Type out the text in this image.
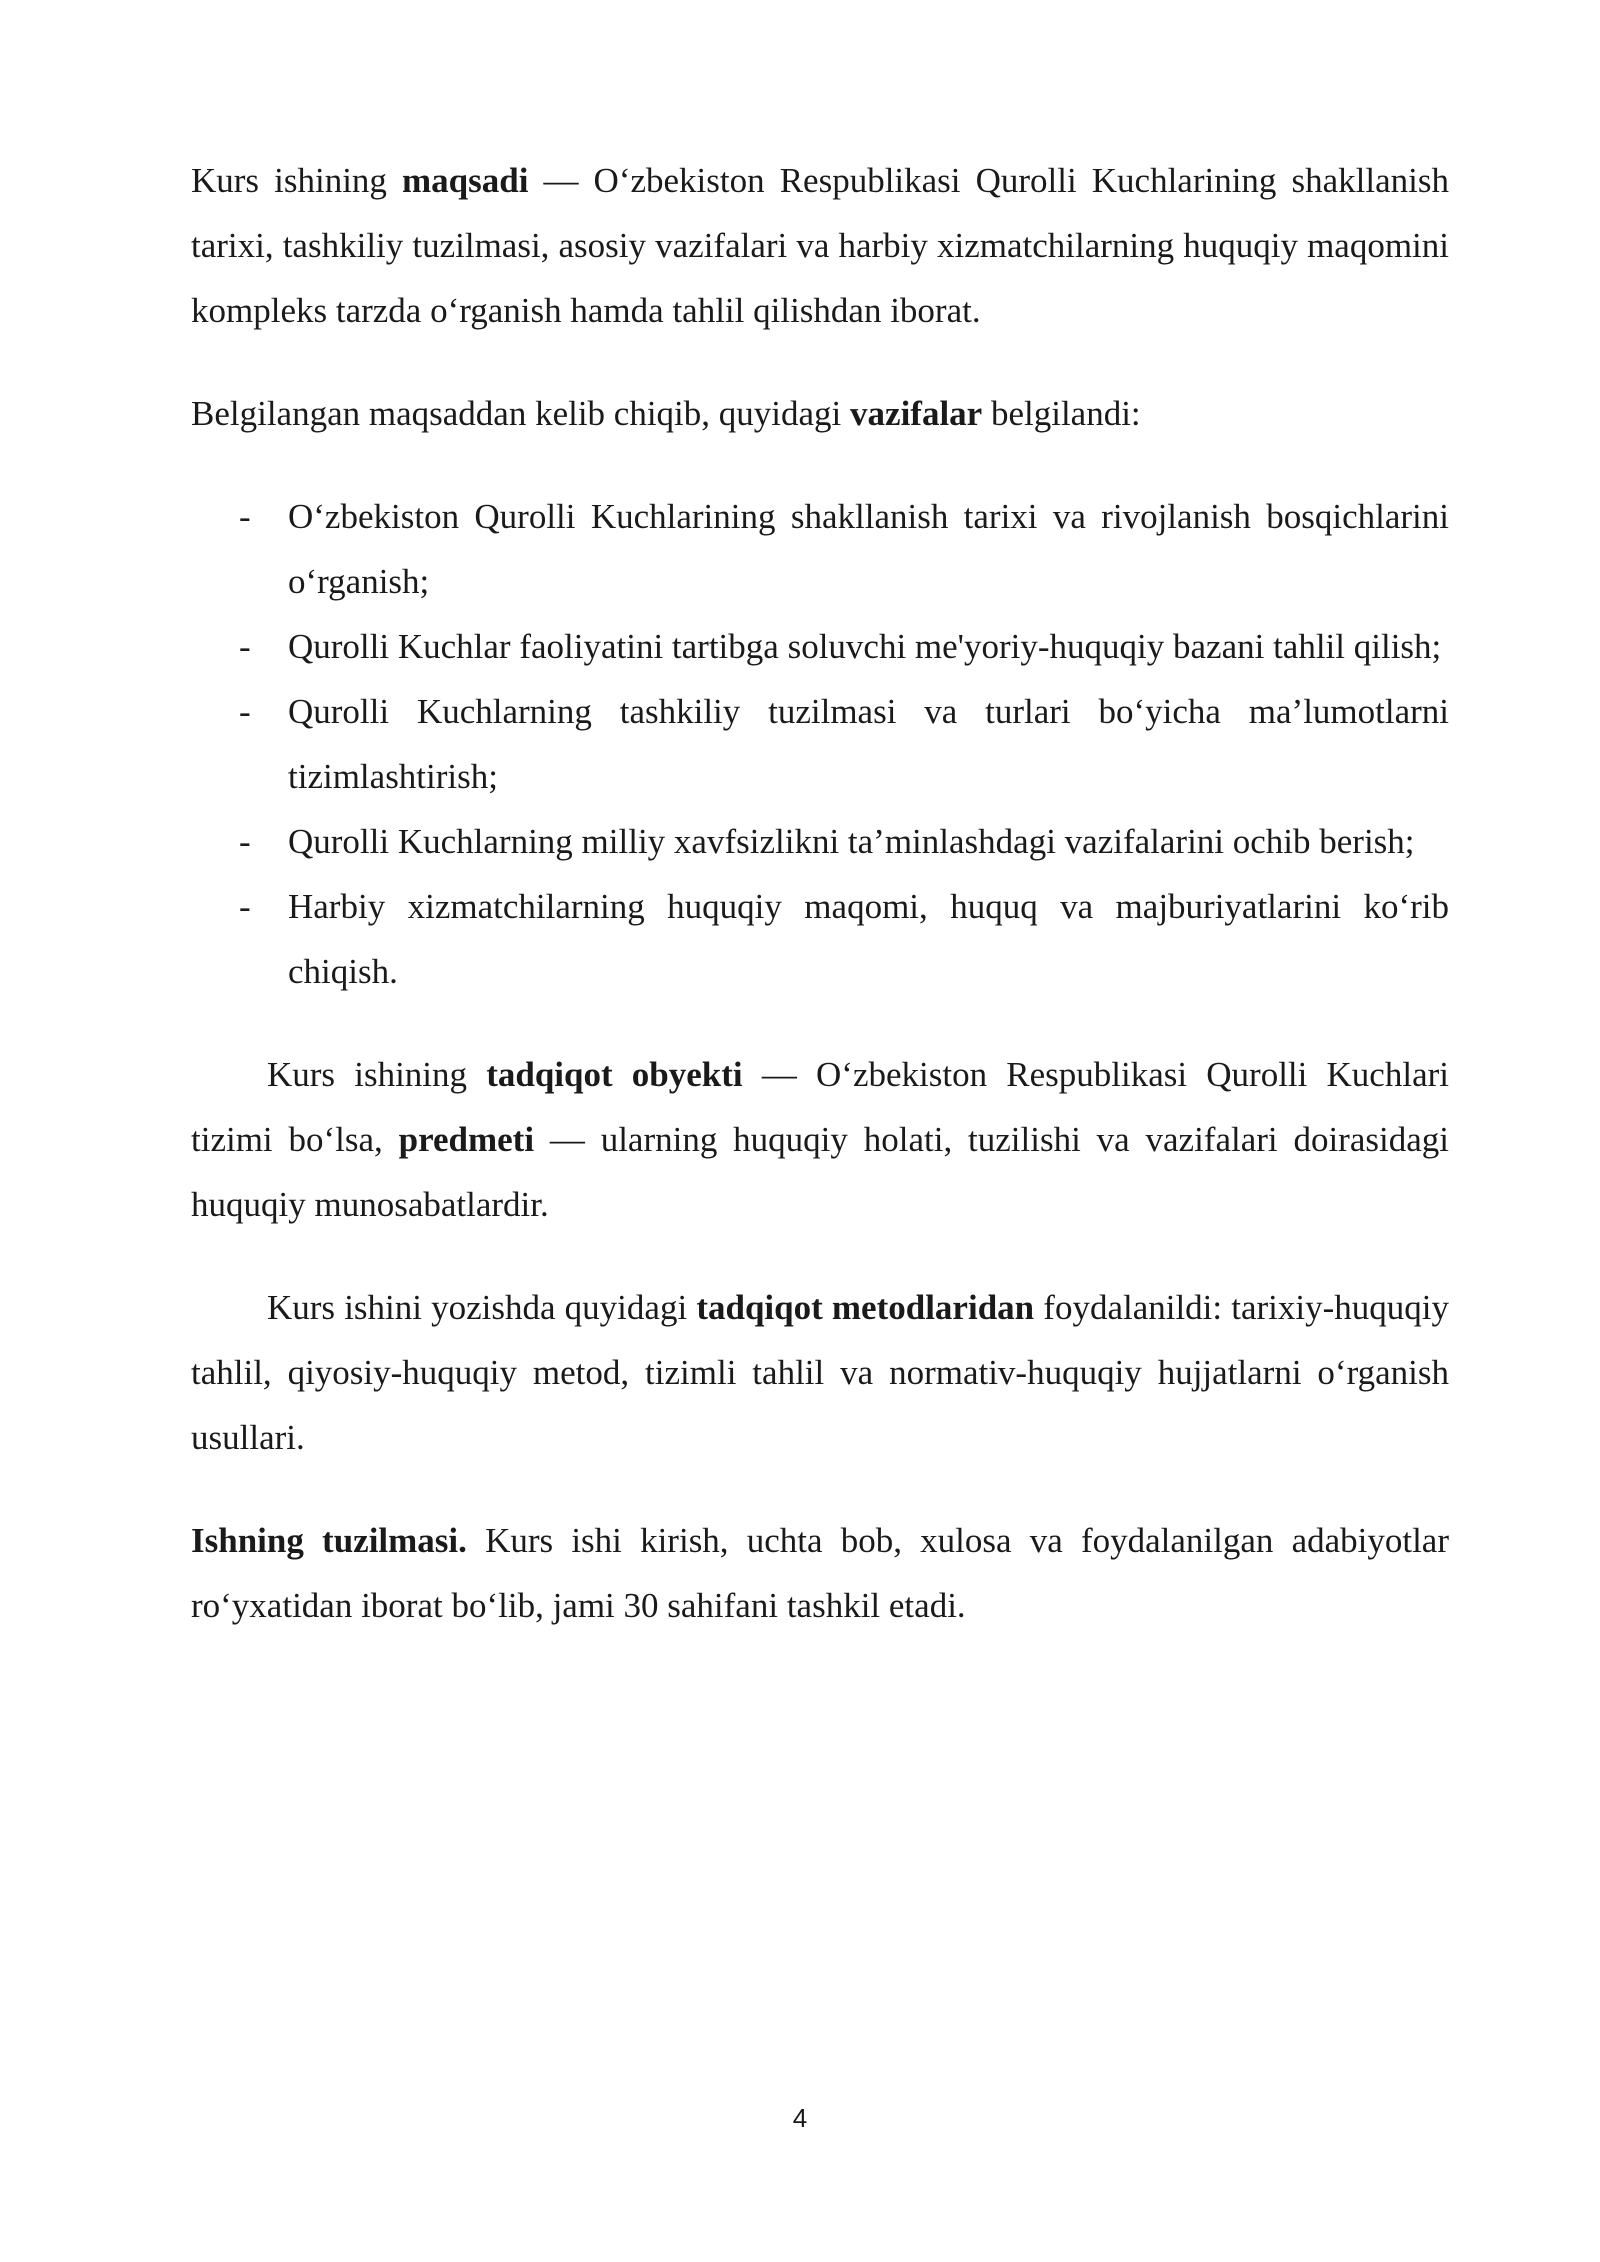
Kurs ishining maqsadi — O‘zbekiston Respublikasi Qurolli Kuchlarining shakllanish tarixi, tashkiliy tuzilmasi, asosiy vazifalari va harbiy xizmatchilarning huquqiy maqomini kompleks tarzda o‘rganish hamda tahlil qilishdan iborat.

Belgilangan maqsaddan kelib chiqib, quyidagi vazifalar belgilandi:

- O‘zbekiston Qurolli Kuchlarining shakllanish tarixi va rivojlanish bosqichlarini o‘rganish;
- Qurolli Kuchlar faoliyatini tartibga soluvchi me'yoriy-huquqiy bazani tahlil qilish;
- Qurolli Kuchlarning tashkiliy tuzilmasi va turlari bo‘yicha ma’lumotlarni tizimlashtirish;
- Qurolli Kuchlarning milliy xavfsizlikni ta’minlashdagi vazifalarini ochib berish;
- Harbiy xizmatchilarning huquqiy maqomi, huquq va majburiyatlarini ko‘rib chiqish.

Kurs ishining tadqiqot obyekti — O‘zbekiston Respublikasi Qurolli Kuchlari tizimi bo‘lsa, predmeti — ularning huquqiy holati, tuzilishi va vazifalari doirasidagi huquqiy munosabatlardir.

Kurs ishini yozishda quyidagi tadqiqot metodlaridan foydalanildi: tarixiy-huquqiy tahlil, qiyosiy-huquqiy metod, tizimli tahlil va normativ-huquqiy hujjatlarni o‘rganish usullari.

Ishning tuzilmasi. Kurs ishi kirish, uchta bob, xulosa va foydalanilgan adabiyotlar ro‘yxatidan iborat bo‘lib, jami 30 sahifani tashkil etadi.

4
